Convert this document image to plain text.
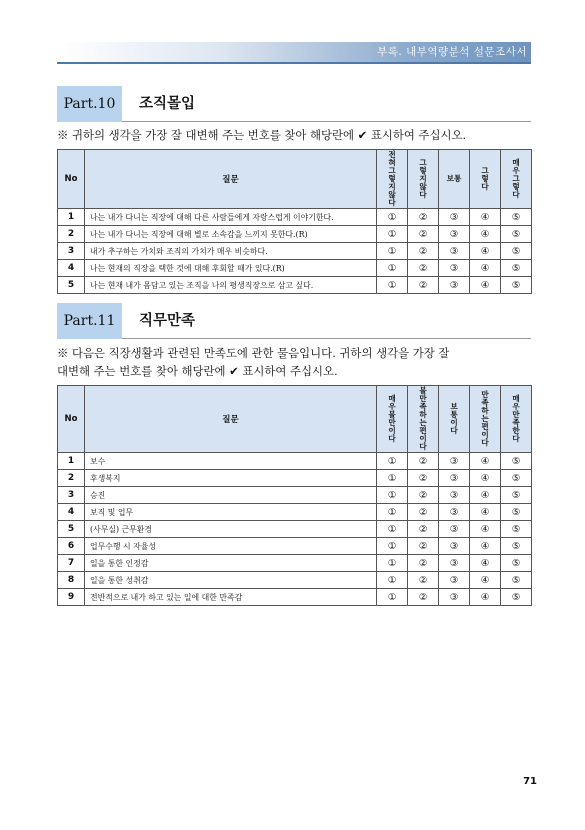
부록. 내부역량분석 설문조사서
Part.10	조직몰입
※ 귀하의 생각을 가장 잘 대변해 주는 번호를 찾아 해당란에 ✔ 표시하여 주십시오.
No	질문	전혀 그렇지 않다	그렇지 않다	보통	그렇다	매우 그렇다

1	나는 내가 다니는 직장에 대해 다른 사람들에게 자랑스럽게 이야기한다.	①	②	③	④	⑤
2	나는 내가 다니는 직장에 대해 별로 소속감을 느끼지 못한다.(R)	①	②	③	④	⑤
3	내가 추구하는 가치와 조직의 가치가 매우 비슷하다.	①	②	③	④	⑤
4	나는 현재의 직장을 택한 것에 대해 후회할 때가 있다.(R)	①	②	③	④	⑤
5	나는 현재 내가 몸담고 있는 조직을 나의 평생직장으로 삼고 싶다.	①	②	③	④	⑤
Part.11	직무만족
※ 다음은 직장생활과 관련된 만족도에 관한 물음입니다. 귀하의 생각을 가장 잘
대변해 주는 번호를 찾아 해당란에 ✔ 표시하여 주십시오.
No	질문	매우 불만이다	불만족하는편이다	보통이다	만족하는편이다	매우 만족한다

1	보수	①	②	③	④	⑤
2	후생복지	①	②	③	④	⑤
3	승진	①	②	③	④	⑤
4	보직 및 업무	①	②	③	④	⑤
5	(사무실) 근무환경	①	②	③	④	⑤
6	업무수행 시 자율성	①	②	③	④	⑤
7	일을 통한 인정감	①	②	③	④	⑤
8	일을 통한 성취감	①	②	③	④	⑤
9	전반적으로 내가 하고 있는 일에 대한 만족감	①	②	③	④	⑤
71
